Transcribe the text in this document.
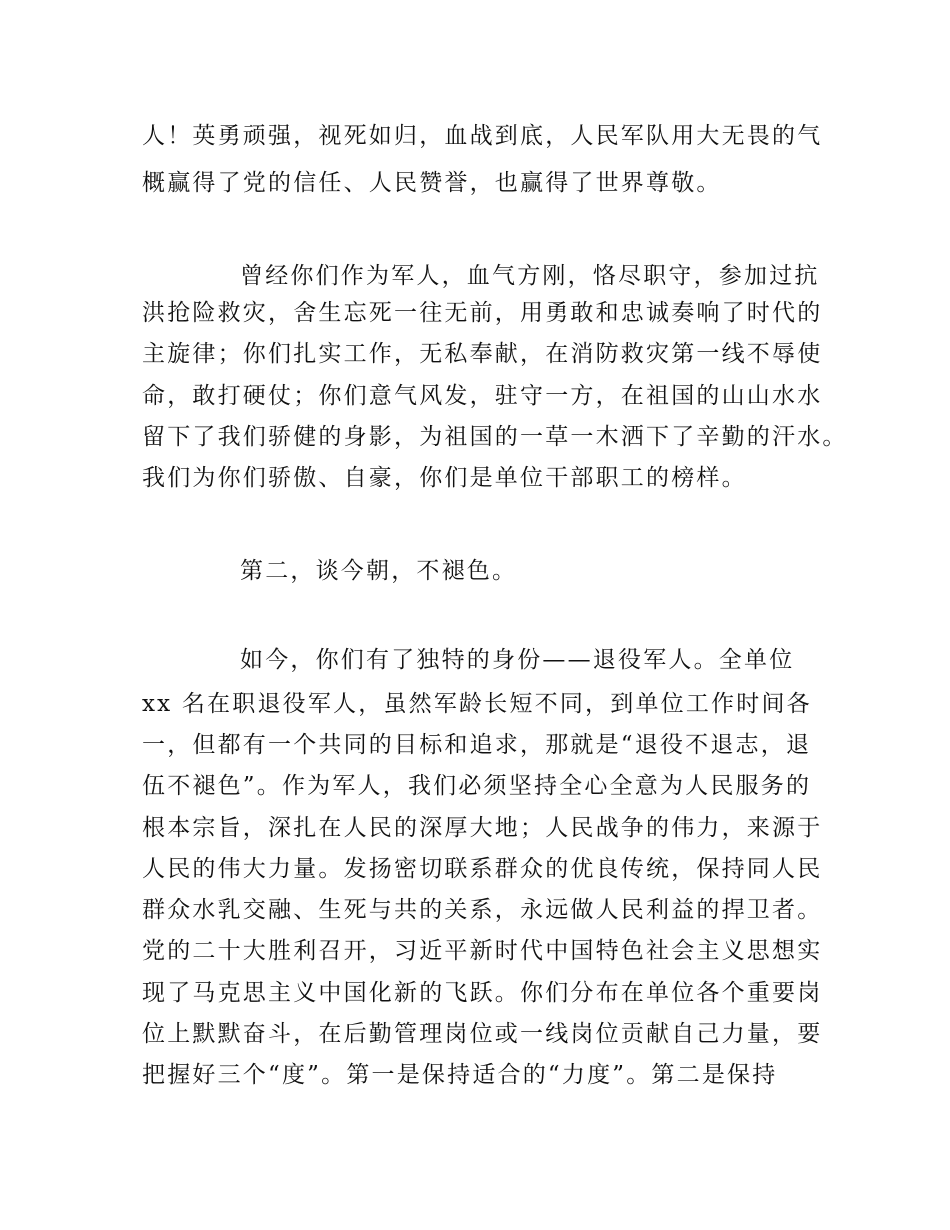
人！英勇顽强，视死如归，血战到底，人民军队用大无畏的气

概赢得了党的信任、人民赞誉，也赢得了世界尊敬。

曾经你们作为军人，血气方刚，恪尽职守，参加过抗

洪抢险救灾，舍生忘死一往无前，用勇敢和忠诚奏响了时代的

主旋律；你们扎实工作，无私奉献，在消防救灾第一线不辱使

命，敢打硬仗；你们意气风发，驻守一方，在祖国的山山水水

留下了我们骄健的身影，为祖国的一草一木洒下了辛勤的汗水。

我们为你们骄傲、自豪，你们是单位干部职工的榜样。

第二，谈今朝，不褪色。

如今，你们有了独特的身份——退役军人。全单位

xx 名在职退役军人，虽然军龄长短不同，到单位工作时间各

一，但都有一个共同的目标和追求，那就是“退役不退志，退

伍不褪色”。作为军人，我们必须坚持全心全意为人民服务的

根本宗旨，深扎在人民的深厚大地；人民战争的伟力，来源于

人民的伟大力量。发扬密切联系群众的优良传统，保持同人民

群众水乳交融、生死与共的关系，永远做人民利益的捍卫者。

党的二十大胜利召开，习近平新时代中国特色社会主义思想实

现了马克思主义中国化新的飞跃。你们分布在单位各个重要岗

位上默默奋斗，在后勤管理岗位或一线岗位贡献自己力量，要

把握好三个“度”。第一是保持适合的“力度”。第二是保持
